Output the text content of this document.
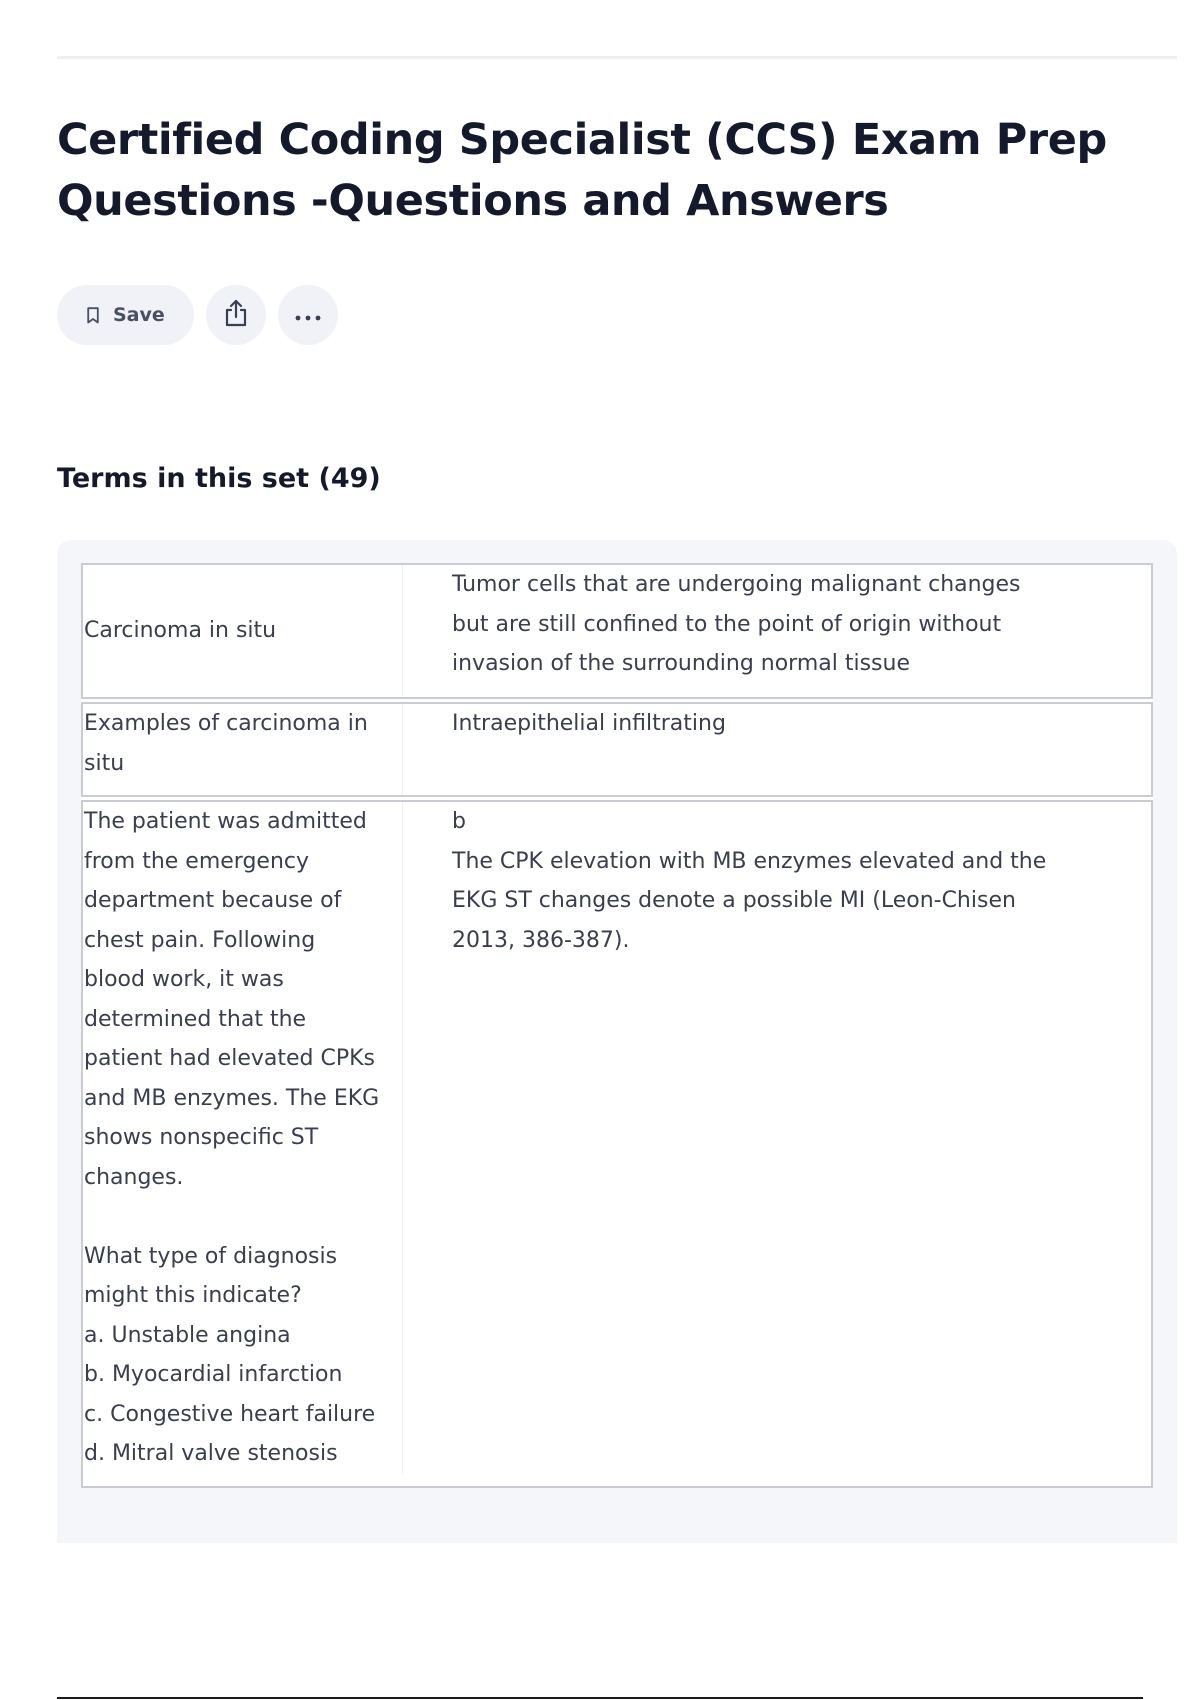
Certified Coding Specialist (CCS) Exam Prep Questions -Questions and Answers
Save
Terms in this set (49)
Carcinoma in situ
Tumor cells that are undergoing malignant changes
but are still confined to the point of origin without
invasion of the surrounding normal tissue
Examples of carcinoma in
situ
Intraepithelial infiltrating
The patient was admitted
from the emergency
department because of
chest pain. Following
blood work, it was
determined that the
patient had elevated CPKs
and MB enzymes. The EKG
shows nonspecific ST
changes.

What type of diagnosis
might this indicate?
a. Unstable angina
b. Myocardial infarction
c. Congestive heart failure
d. Mitral valve stenosis
b
The CPK elevation with MB enzymes elevated and the
EKG ST changes denote a possible MI (Leon-Chisen
2013, 386-387).
